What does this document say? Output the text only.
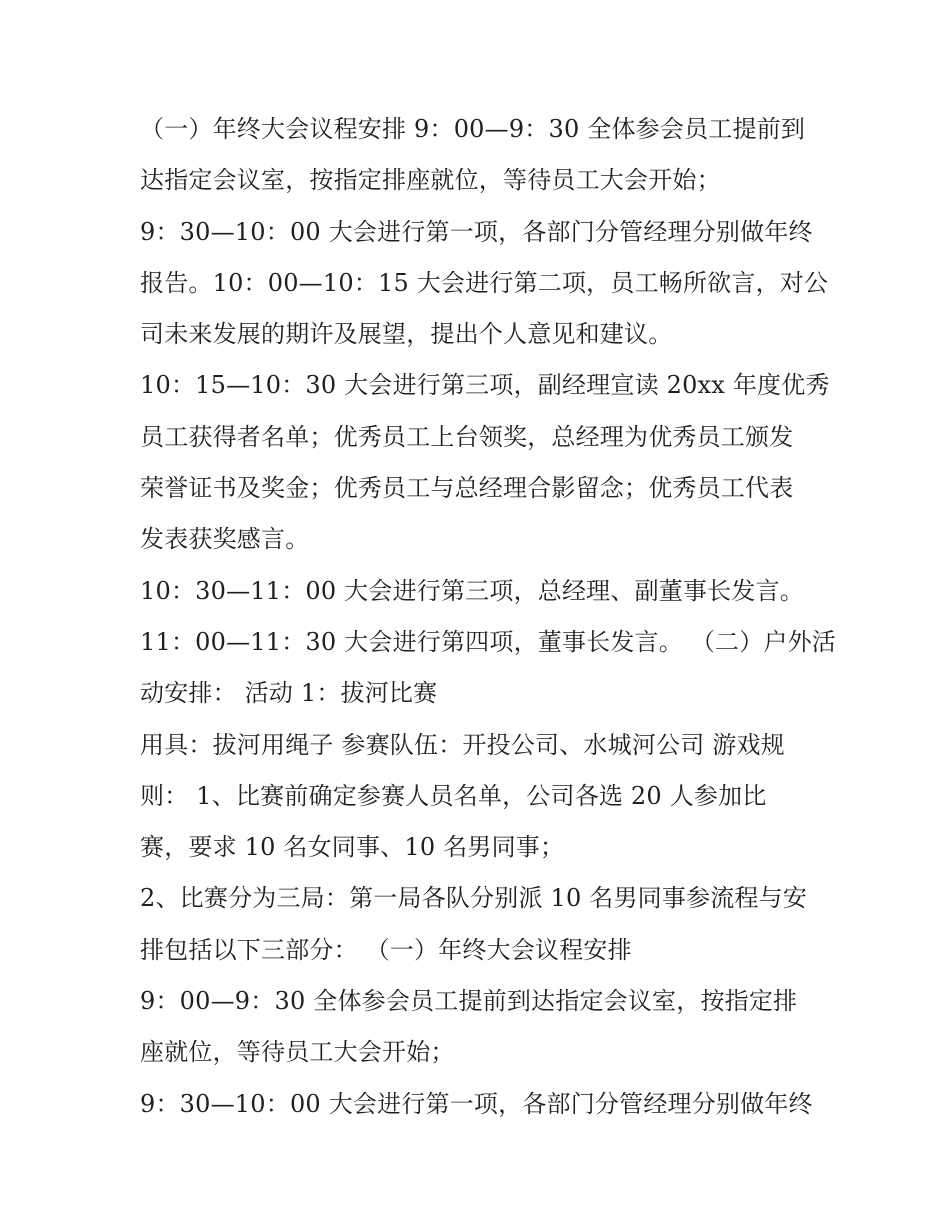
（一）年终大会议程安排 9：00—9：30 全体参会员工提前到
达指定会议室，按指定排座就位，等待员工大会开始；
9：30—10：00 大会进行第一项，各部门分管经理分别做年终
报告。10：00—10：15 大会进行第二项，员工畅所欲言，对公
司未来发展的期许及展望，提出个人意见和建议。
10：15—10：30 大会进行第三项，副经理宣读 20xx 年度优秀
员工获得者名单；优秀员工上台领奖，总经理为优秀员工颁发
荣誉证书及奖金；优秀员工与总经理合影留念；优秀员工代表
发表获奖感言。
10：30—11：00 大会进行第三项，总经理、副董事长发言。
11：00—11：30 大会进行第四项，董事长发言。 （二）户外活
动安排： 活动 1：拔河比赛
用具：拔河用绳子 参赛队伍：开投公司、水城河公司 游戏规
则： 1、比赛前确定参赛人员名单，公司各选 20 人参加比
赛，要求 10 名女同事、10 名男同事；
2、比赛分为三局：第一局各队分别派 10 名男同事参流程与安
排包括以下三部分： （一）年终大会议程安排
9：00—9：30 全体参会员工提前到达指定会议室，按指定排
座就位，等待员工大会开始；
9：30—10：00 大会进行第一项，各部门分管经理分别做年终
